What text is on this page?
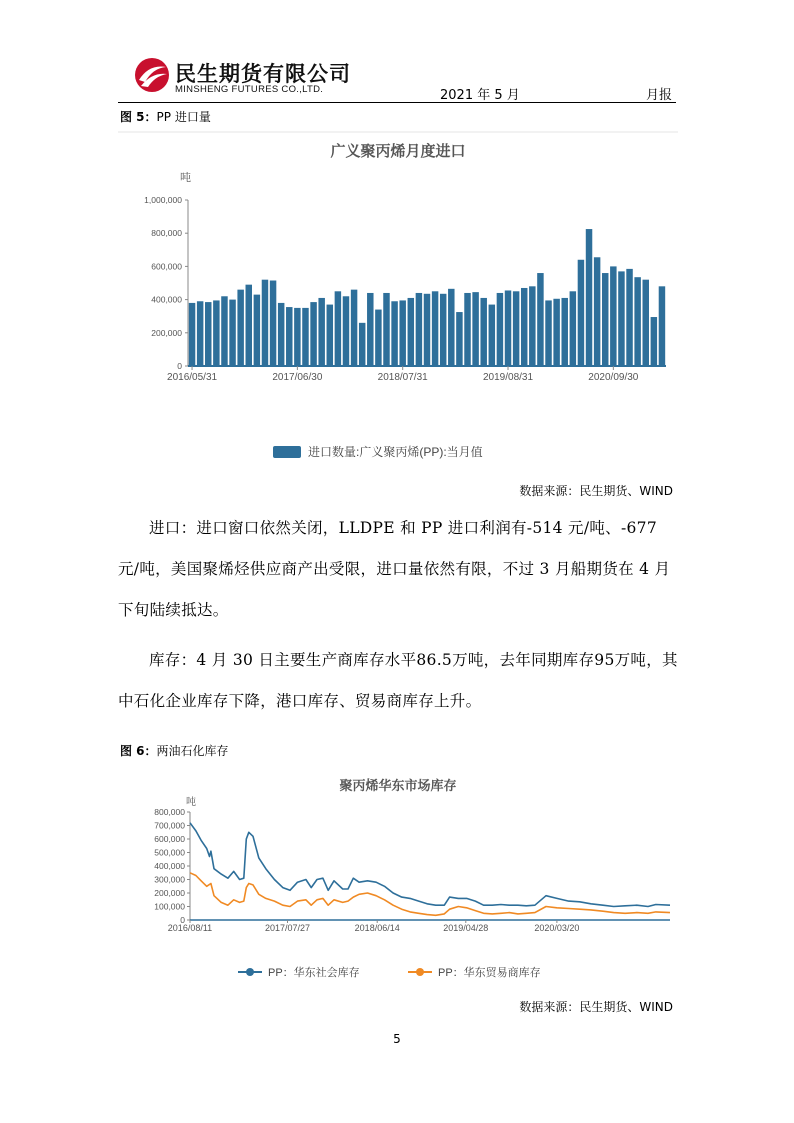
民生期货有限公司
MINSHENG FUTURES CO.,LTD.	2021 年 5 月	月报
图 5：PP 进口量
广义聚丙烯月度进口
吨
0
200,000
400,000
600,000
800,000
1,000,000
2016/05/31	2017/06/30	2018/07/31	2019/08/31	2020/09/30
进口数量:广义聚丙烯(PP):当月值
数据来源：民生期货、WIND

进口：进口窗口依然关闭，LLDPE 和 PP 进口利润有-514 元/吨、-677 元/吨，美国聚烯烃供应商产出受限，进口量依然有限，不过 3 月船期货在 4 月下旬陆续抵达。

库存：4 月 30 日主要生产商库存水平86.5万吨，去年同期库存95万吨，其中石化企业库存下降，港口库存、贸易商库存上升。

图 6：两油石化库存
聚丙烯华东市场库存
吨
0
100,000
200,000
300,000
400,000
500,000
600,000
700,000
800,000
2016/08/11	2017/07/27	2018/06/14	2019/04/28	2020/03/20
PP：华东社会库存	PP：华东贸易商库存
数据来源：民生期货、WIND
5
